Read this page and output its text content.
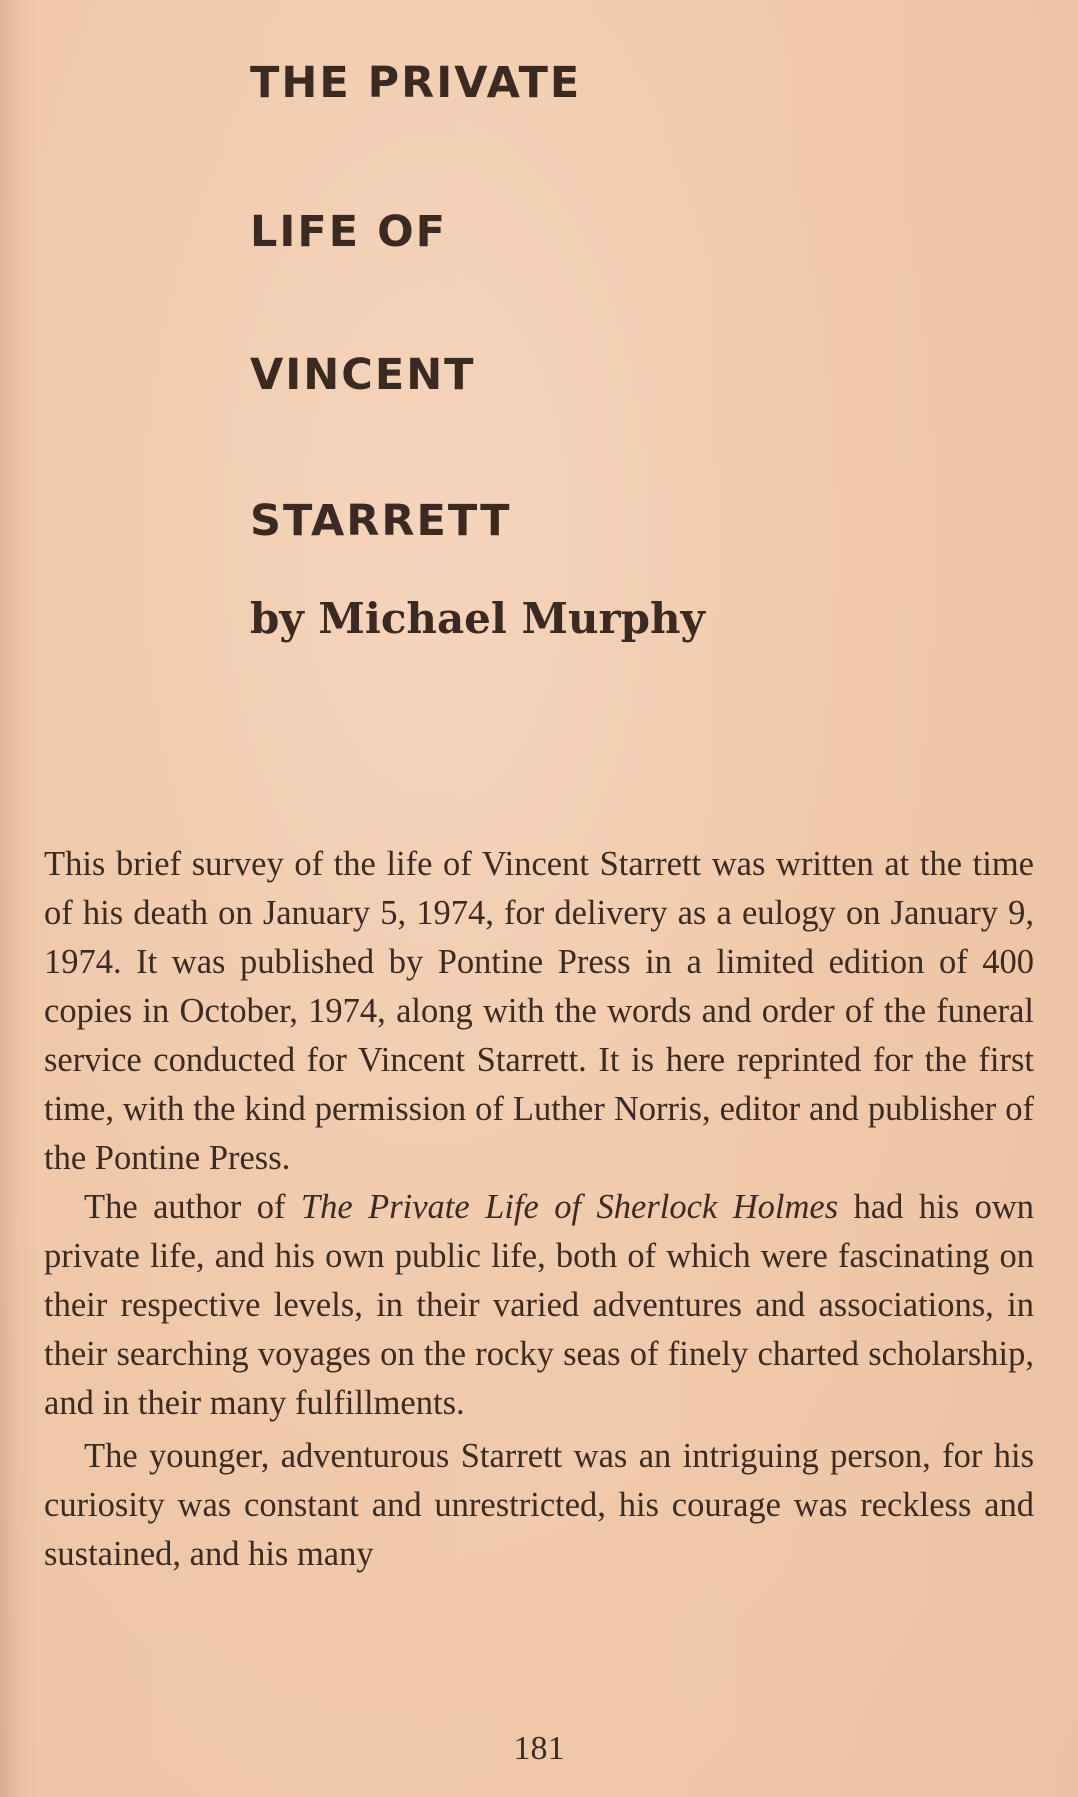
THE PRIVATE
LIFE OF
VINCENT
STARRETT
by Michael Murphy

This brief survey of the life of Vincent Starrett was written at the time of his death on January 5, 1974, for delivery as a eulogy on January 9, 1974. It was published by Pontine Press in a limited edition of 400 copies in October, 1974, along with the words and order of the funeral service conducted for Vincent Starrett. It is here reprinted for the first time, with the kind permission of Luther Norris, editor and publisher of the Pontine Press.

The author of The Private Life of Sherlock Holmes had his own private life, and his own public life, both of which were fascinating on their respective levels, in their varied adventures and associations, in their searching voyages on the rocky seas of finely charted scholarship, and in their many fulfillments.

The younger, adventurous Starrett was an intriguing person, for his curiosity was constant and unrestricted, his courage was reckless and sustained, and his many

181
